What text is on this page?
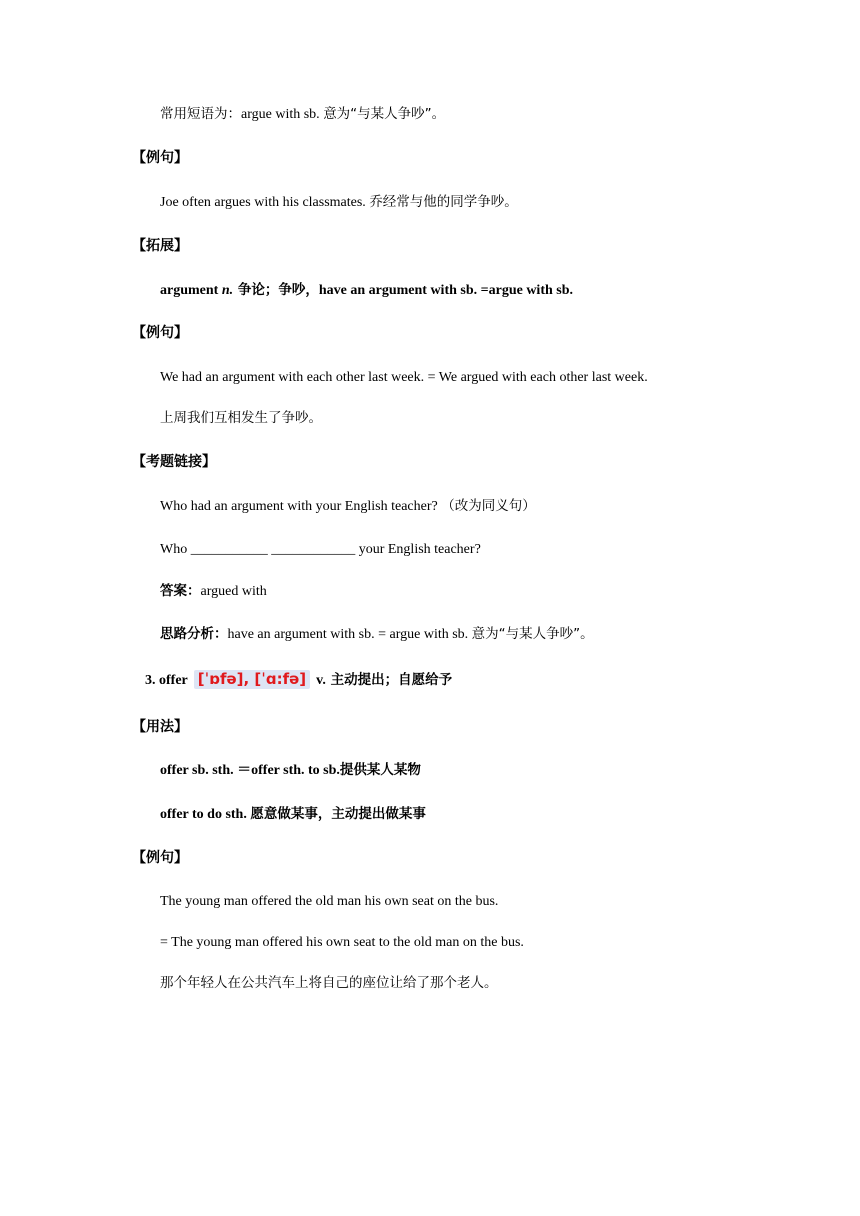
常用短语为：argue with sb. 意为“与某人争吵”。
【例句】
Joe often argues with his classmates. 乔经常与他的同学争吵。
【拓展】
argument n. 争论；争吵，have an argument with sb. =argue with sb.
【例句】
We had an argument with each other last week. = We argued with each other last week.
上周我们互相发生了争吵。
【考题链接】
Who had an argument with your English teacher? （改为同义句）
Who ___________ ____________ your English teacher?
答案：argued with
思路分析：have an argument with sb. = argue with sb. 意为“与某人争吵”。
3. offer [ˈɒfə], [ˈɑ:fə] v. 主动提出；自愿给予
【用法】
offer sb. sth. ＝offer sth. to sb.提供某人某物
offer to do sth. 愿意做某事，主动提出做某事
【例句】
The young man offered the old man his own seat on the bus.
= The young man offered his own seat to the old man on the bus.
那个年轻人在公共汽车上将自己的座位让给了那个老人。
